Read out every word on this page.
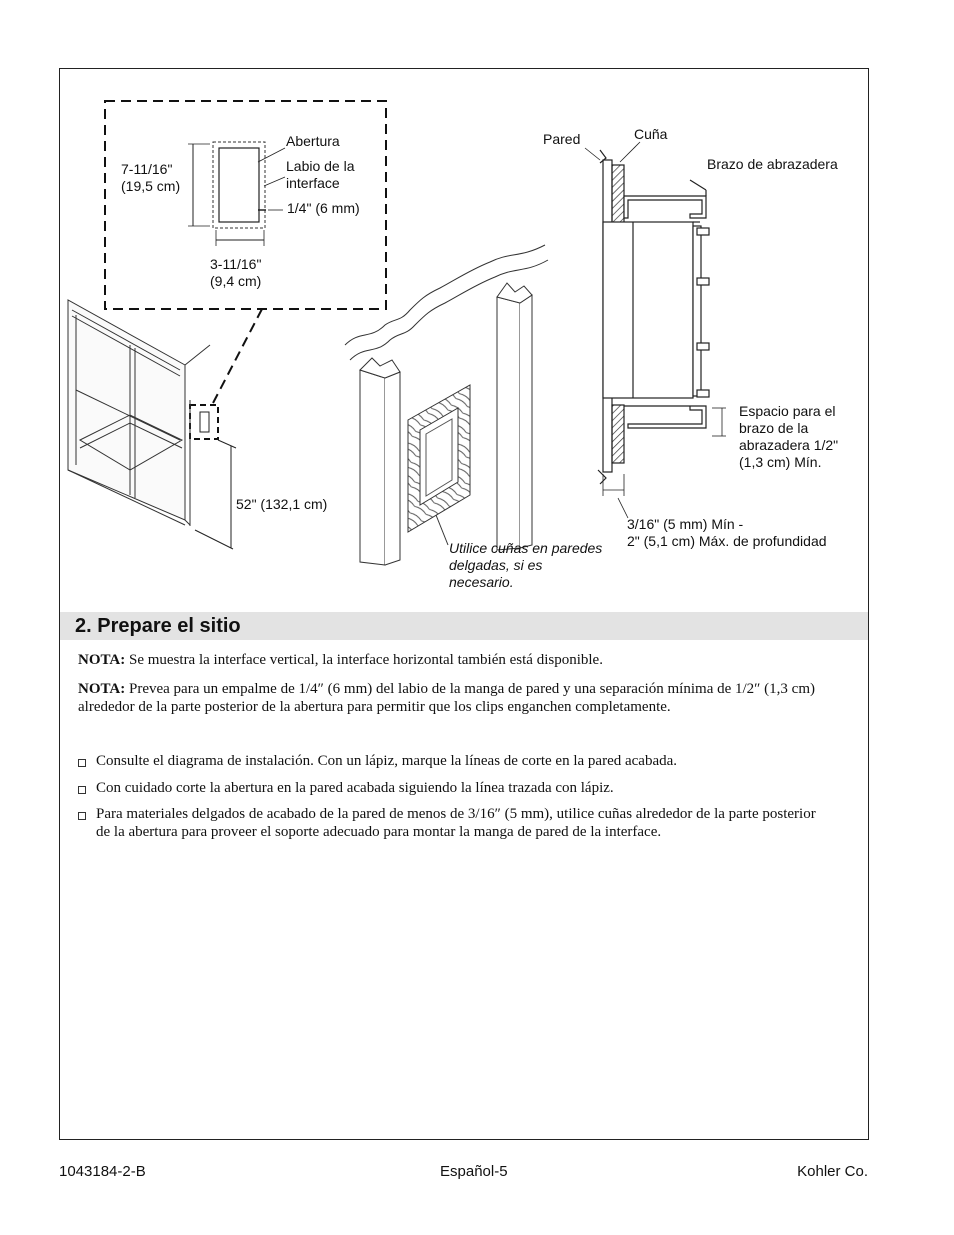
Abertura
Labio de la
interface
1/4" (6 mm)
7-11/16"
(19,5 cm)
3-11/16"
(9,4 cm)
52" (132,1 cm)
Utilice cuñas en paredes
delgadas, si es
necesario.
Pared	Cuña
Brazo de abrazadera
Espacio para el
brazo de la
abrazadera 1/2"
(1,3 cm) Mín.
3/16" (5 mm) Mín -
2" (5,1 cm) Máx. de profundidad
2. Prepare el sitio
NOTA: Se muestra la interface vertical, la interface horizontal también está disponible.
NOTA: Prevea para un empalme de 1/4″ (6 mm) del labio de la manga de pared y una separación mínima de 1/2″ (1,3 cm) alrededor de la parte posterior de la abertura para permitir que los clips enganchen completamente.
Consulte el diagrama de instalación. Con un lápiz, marque la líneas de corte en la pared acabada.
Con cuidado corte la abertura en la pared acabada siguiendo la línea trazada con lápiz.
Para materiales delgados de acabado de la pared de menos de 3/16″ (5 mm), utilice cuñas alrededor de la parte posterior de la abertura para proveer el soporte adecuado para montar la manga de pared de la interface.
1043184-2-B	Español-5	Kohler Co.
